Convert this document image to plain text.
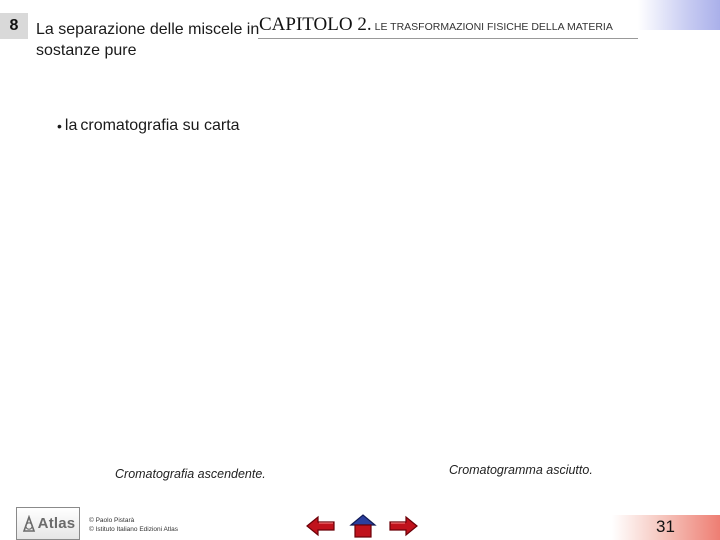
8 La separazione delle miscele in sostanze pure
CAPITOLO 2. LE TRASFORMAZIONI FISICHE DELLA MATERIA
• la cromatografia su carta
Cromatografia ascendente.	Cromatogramma asciutto.
Atlas © Paolo Pistarà
© Istituto Italiano Edizioni Atlas	31
